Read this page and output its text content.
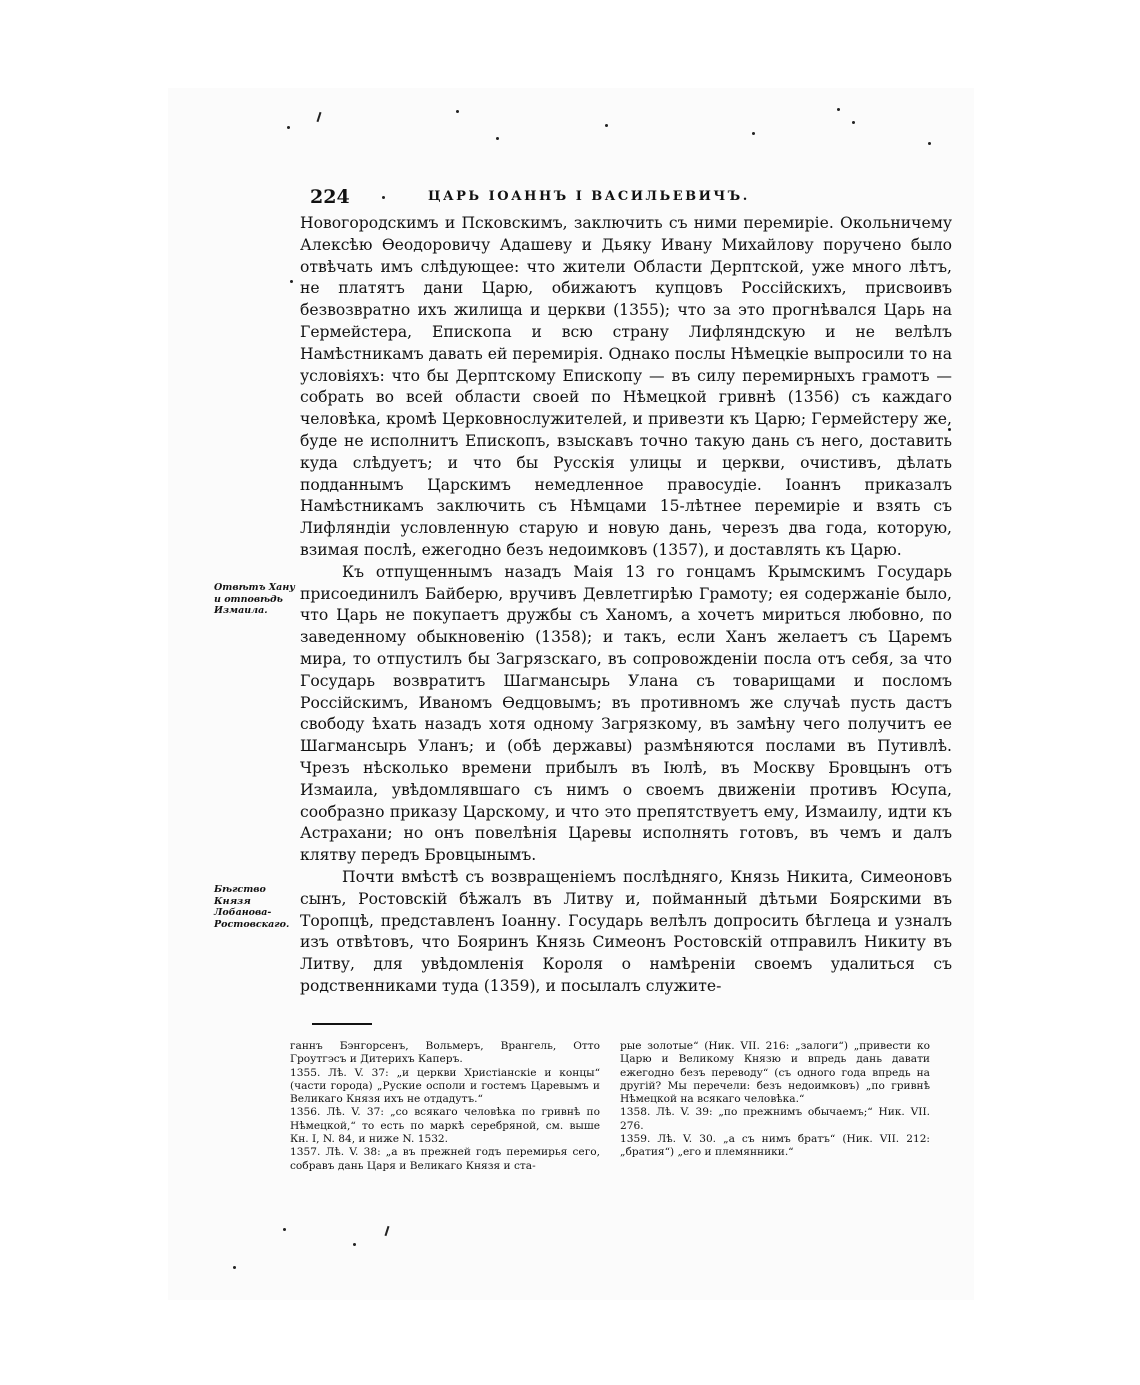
224	ЦАРЬ ІОАННЪ І ВАСИЛЬЕВИЧЪ.

Новогородскимъ и Псковскимъ, заключить съ ними перемиріе. Окольничему Алексѣю Ѳеодоровичу Адашеву и Дьяку Ивану Михайлову поручено было отвѣчать имъ слѣдующее: что жители Области Дерптской, уже много лѣтъ, не платятъ дани Царю, обижаютъ купцовъ Россійскихъ, присвоивъ безвозвратно ихъ жилища и церкви (1355); что за это прогнѣвался Царь на Гермейстера, Епископа и всю страну Лифляндскую и не велѣлъ Намѣстникамъ давать ей перемирія. Однако послы Нѣмецкіе выпросили то на условіяхъ: что бы Дерптскому Епископу — въ силу перемирныхъ грамотъ — собрать во всей области своей по Нѣмецкой гривнѣ (1356) съ каждаго человѣка, кромѣ Церковнослужителей, и привезти къ Царю; Гермейстеру же, буде не исполнитъ Епископъ, взыскавъ точно такую дань съ него, доставить куда слѣдуетъ; и что бы Русскія улицы и церкви, очистивъ, дѣлать подданнымъ Царскимъ немедленное правосудіе. Іоаннъ приказалъ Намѣстникамъ заключить съ Нѣмцами 15-лѣтнее перемиріе и взять съ Лифляндіи условленную старую и новую дань, черезъ два года, которую, взимая послѣ, ежегодно безъ недоимковъ (1357), и доставлять къ Царю.

Къ отпущеннымъ назадъ Маія 13 го гонцамъ Крымскимъ Государь присоединилъ Байберю, вручивъ Девлетгирѣю Грамоту; ея содержаніе было, что Царь не покупаетъ дружбы съ Ханомъ, а хочетъ мириться любовно, по заведенному обыкновенію (1358); и такъ, если Ханъ желаетъ съ Царемъ мира, то отпустилъ бы Загрязскаго, въ сопровожденіи посла отъ себя, за что Государь возвратитъ Шагмансырь Улана съ товарищами и посломъ Россійскимъ, Иваномъ Ѳедцовымъ; въ противномъ же случаѣ пусть дастъ свободу ѣхать назадъ хотя одному Загрязкому, въ замѣну чего получитъ ее Шагмансырь Уланъ; и (обѣ державы) размѣняются послами въ Путивлѣ. Чрезъ нѣсколько времени прибылъ въ Іюлѣ, въ Москву Бровцынъ отъ Измаила, увѣдомлявшаго съ нимъ о своемъ движеніи противъ Юсупа, сообразно приказу Царскому, и что это препятствуетъ ему, Измаилу, идти къ Астрахани; но онъ повелѣнія Царевы исполнять готовъ, въ чемъ и далъ клятву передъ Бровцынымъ.

Почти вмѣстѣ съ возвращеніемъ послѣдняго, Князь Никита, Симеоновъ сынъ, Ростовскій бѣжалъ въ Литву и, пойманный дѣтьми Боярскими въ Торопцѣ, представленъ Іоанну. Государь велѣлъ допросить бѣглеца и узналъ изъ отвѣтовъ, что Бояринъ Князь Симеонъ Ростовскій отправилъ Никиту въ Литву, для увѣдомленія Короля о намѣреніи своемъ удалиться съ родственниками туда (1359), и посылалъ служите-

Отвѣтъ Хану и отповѣдь Измаила.
Бѣгство Князя Лобанова-Ростовскаго.

ганнъ Бэнгорсенъ, Вольмеръ, Врангель, Отто Гроутгэсъ и Дитерихъ Каперъ.

1355. Лѣ. V. 37: „и церкви Христіанскіе и концы“ (части города) „Руские осполи и гостемъ Царевымъ и Великаго Князя ихъ не отдадутъ.“

1356. Лѣ. V. 37: „со всякаго человѣка по гривнѣ по Нѣмецкой,“ то есть по маркѣ серебряной, см. выше Кн. I, N. 84, и ниже N. 1532.

1357. Лѣ. V. 38: „а въ прежней годъ перемирья сего, собравъ дань Царя и Великаго Князя и ста-

рые золотые“ (Ник. VII. 216: „залоги“) „привести ко Царю и Великому Князю и впредь дань давати ежегодно безъ переводу“ (съ одного года впредь на другій? Мы перечели: безъ недоимковъ) „по гривнѣ Нѣмецкой на всякаго человѣка.“

1358. Лѣ. V. 39: „по прежнимъ обычаемъ;“ Ник. VII. 276.

1359. Лѣ. V. 30. „а съ нимъ братъ“ (Ник. VII. 212: „братия“) „его и племянники.“
